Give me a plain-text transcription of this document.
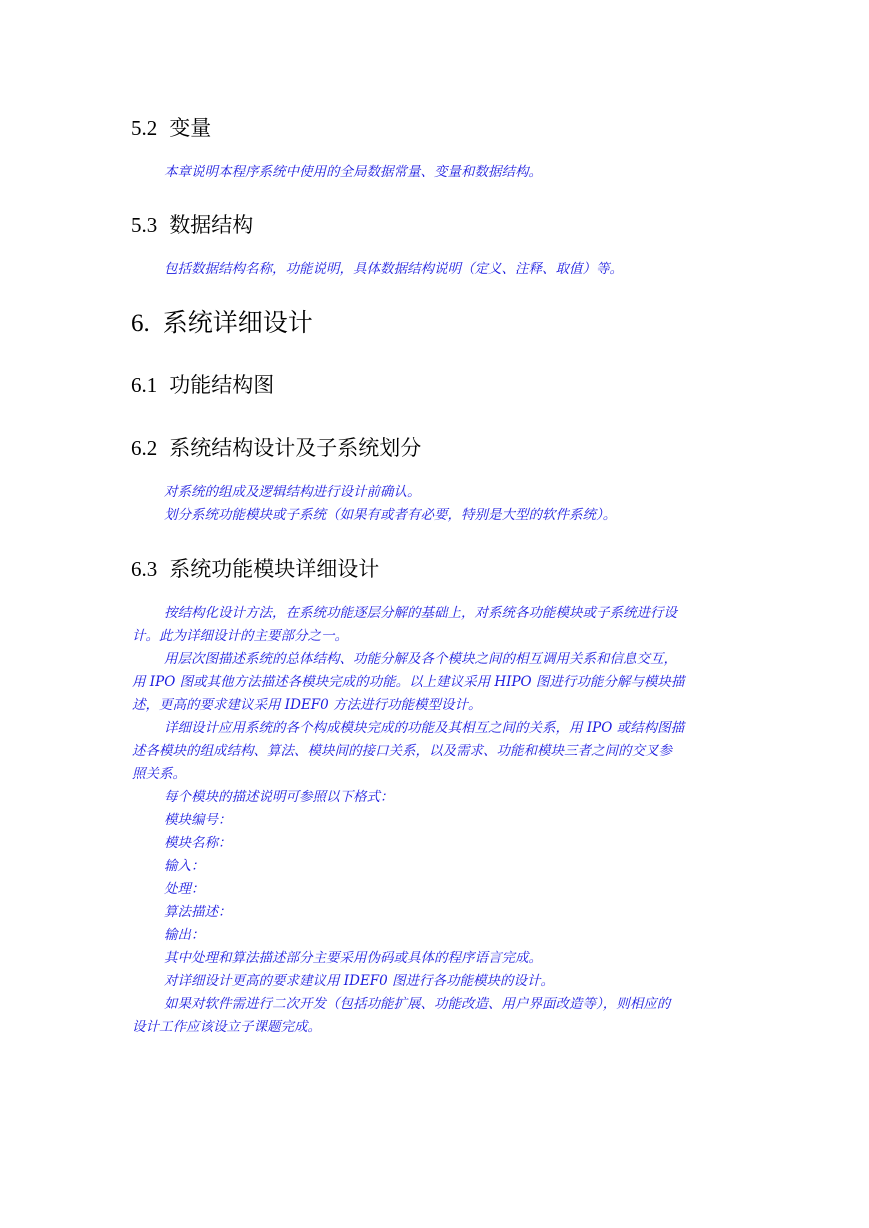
5.2 变量

本章说明本程序系统中使用的全局数据常量、变量和数据结构。

5.3 数据结构

包括数据结构名称，功能说明，具体数据结构说明（定义、注释、取值）等。

6. 系统详细设计
6.1 功能结构图
6.2 系统结构设计及子系统划分

对系统的组成及逻辑结构进行设计前确认。

划分系统功能模块或子系统（如果有或者有必要，特别是大型的软件系统）。

6.3 系统功能模块详细设计

按结构化设计方法，在系统功能逐层分解的基础上，对系统各功能模块或子系统进行设

计。此为详细设计的主要部分之一。

用层次图描述系统的总体结构、功能分解及各个模块之间的相互调用关系和信息交互，

用 IPO 图或其他方法描述各模块完成的功能。以上建议采用 HIPO 图进行功能分解与模块描

述，更高的要求建议采用 IDEF0 方法进行功能模型设计。

详细设计应用系统的各个构成模块完成的功能及其相互之间的关系，用 IPO 或结构图描

述各模块的组成结构、算法、模块间的接口关系，以及需求、功能和模块三者之间的交叉参

照关系。

每个模块的描述说明可参照以下格式：

模块编号：

模块名称：

输入：

处理：

算法描述：

输出：

其中处理和算法描述部分主要采用伪码或具体的程序语言完成。

对详细设计更高的要求建议用 IDEF0 图进行各功能模块的设计。

如果对软件需进行二次开发（包括功能扩展、功能改造、用户界面改造等），则相应的

设计工作应该设立子课题完成。
